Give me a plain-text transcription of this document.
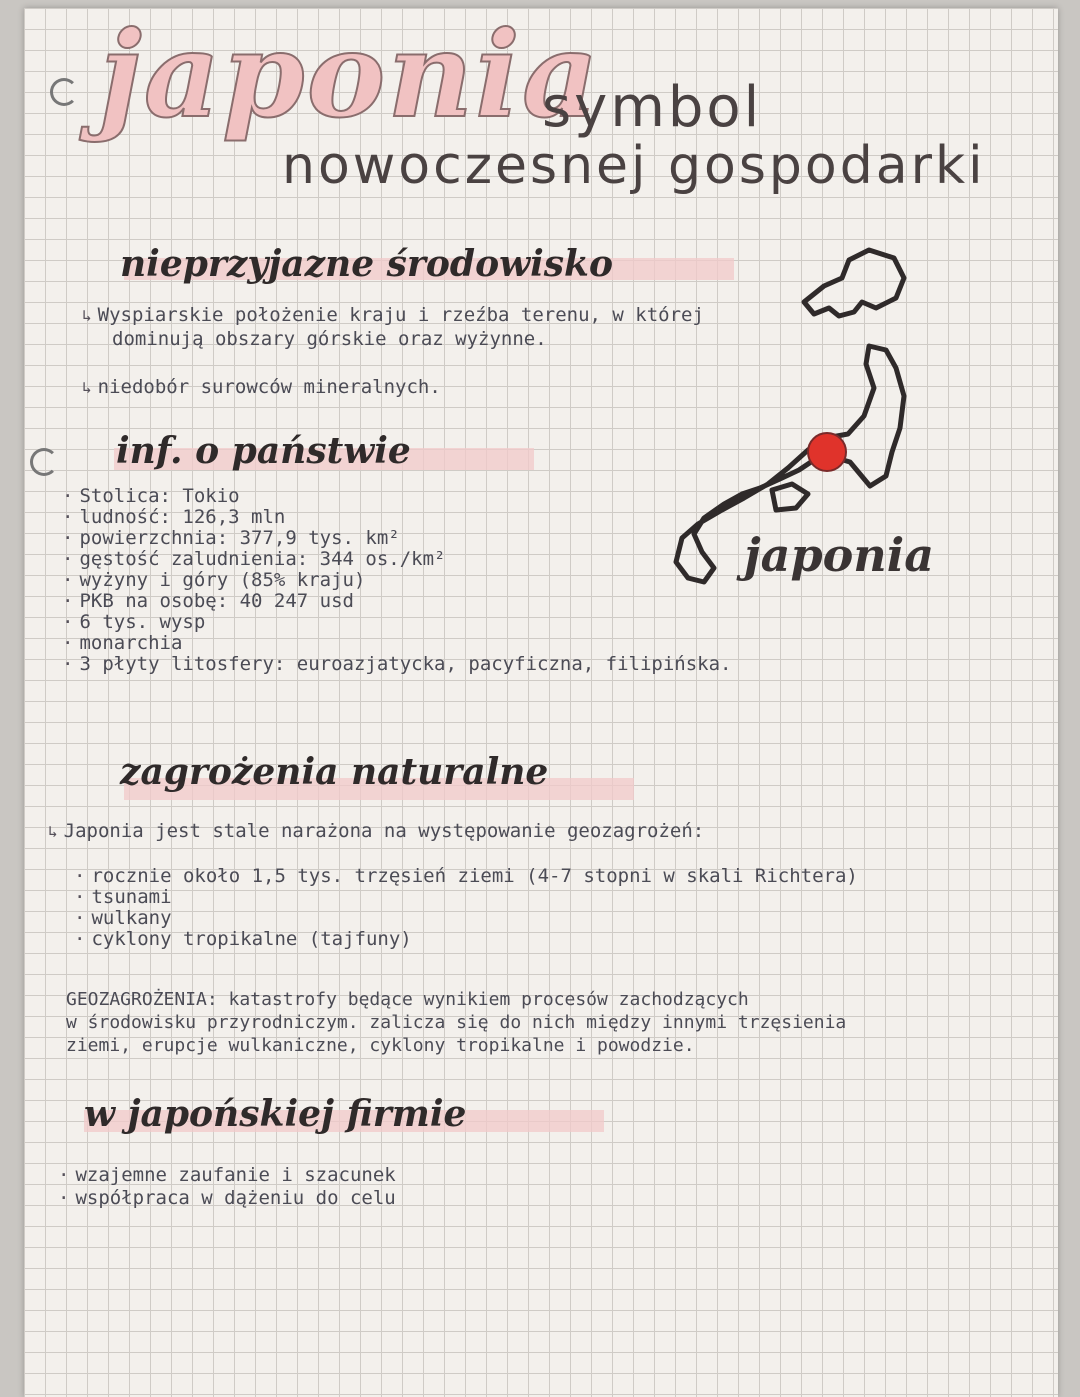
japonia
symbol
nowoczesnej gospodarki
nieprzyjazne środowisko
↳ Wyspiarskie położenie kraju i rzeźba terenu, w której
dominują obszary górskie oraz wyżynne.
↳ niedobór surowców mineralnych.
inf. o państwie
· Stolica: Tokio
· ludność: 126,3 mln
· powierzchnia: 377,9 tys. km²
· gęstość zaludnienia: 344 os./km²
· wyżyny i góry (85% kraju)
· PKB na osobę: 40 247 usd
· 6 tys. wysp
· monarchia
· 3 płyty litosfery: euroazjatycka, pacyficzna, filipińska.
japonia
zagrożenia naturalne
↳ Japonia jest stale narażona na występowanie geozagrożeń:
· rocznie około 1,5 tys. trzęsień ziemi (4-7 stopni w skali Richtera)
· tsunami
· wulkany
· cyklony tropikalne (tajfuny)
GEOZAGROŻENIA: katastrofy będące wynikiem procesów zachodzących
w środowisku przyrodniczym. zalicza się do nich między innymi trzęsienia
ziemi, erupcje wulkaniczne, cyklony tropikalne i powodzie.
w japońskiej firmie
· wzajemne zaufanie i szacunek
· współpraca w dążeniu do celu
